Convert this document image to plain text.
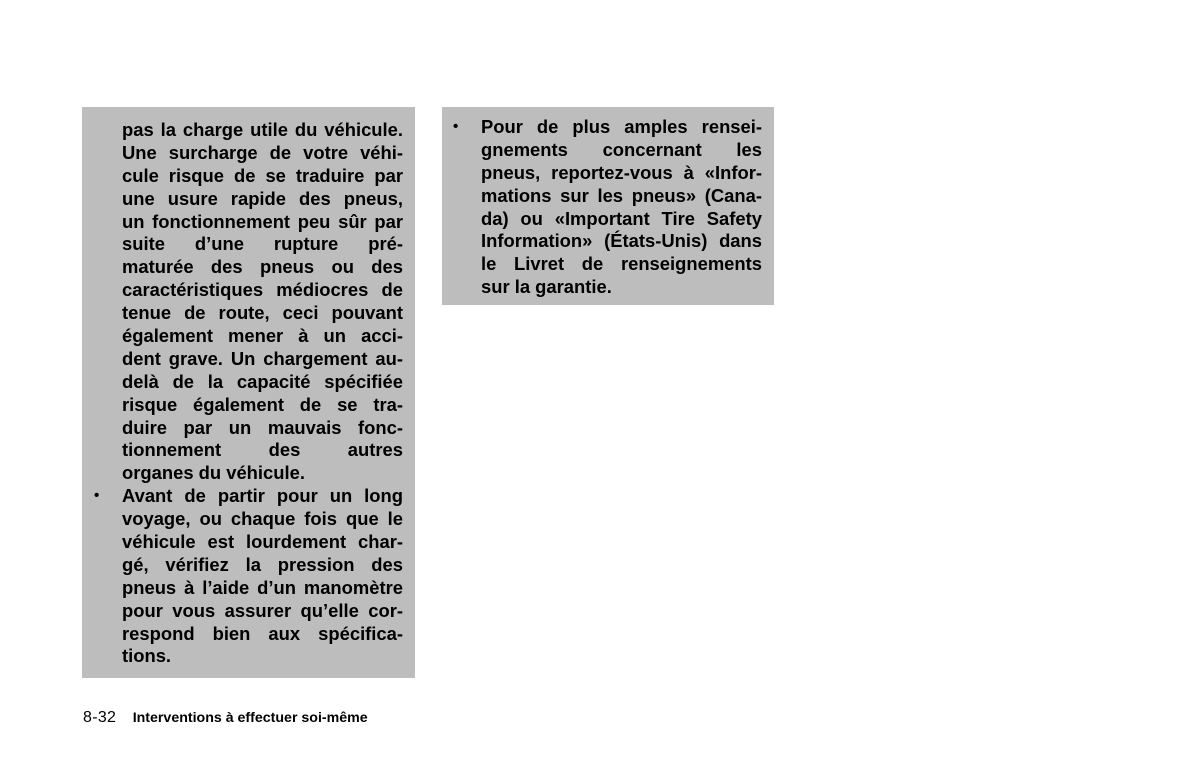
pas la charge utile du véhicule.
Une surcharge de votre véhi-
cule risque de se traduire par
une usure rapide des pneus,
un fonctionnement peu sûr par
suite d’une rupture pré-
maturée des pneus ou des
caractéristiques médiocres de
tenue de route, ceci pouvant
également mener à un acci-
dent grave. Un chargement au-
delà de la capacité spécifiée
risque également de se tra-
duire par un mauvais fonc-
tionnement des autres
organes du véhicule.
• Avant de partir pour un long
voyage, ou chaque fois que le
véhicule est lourdement char-
gé, vérifiez la pression des
pneus à l’aide d’un manomètre
pour vous assurer qu’elle cor-
respond bien aux spécifica-
tions.
• Pour de plus amples rensei-
gnements concernant les
pneus, reportez-vous à «Infor-
mations sur les pneus» (Cana-
da) ou «Important Tire Safety
Information» (États-Unis) dans
le Livret de renseignements
sur la garantie.
8-32 Interventions à effectuer soi-même
